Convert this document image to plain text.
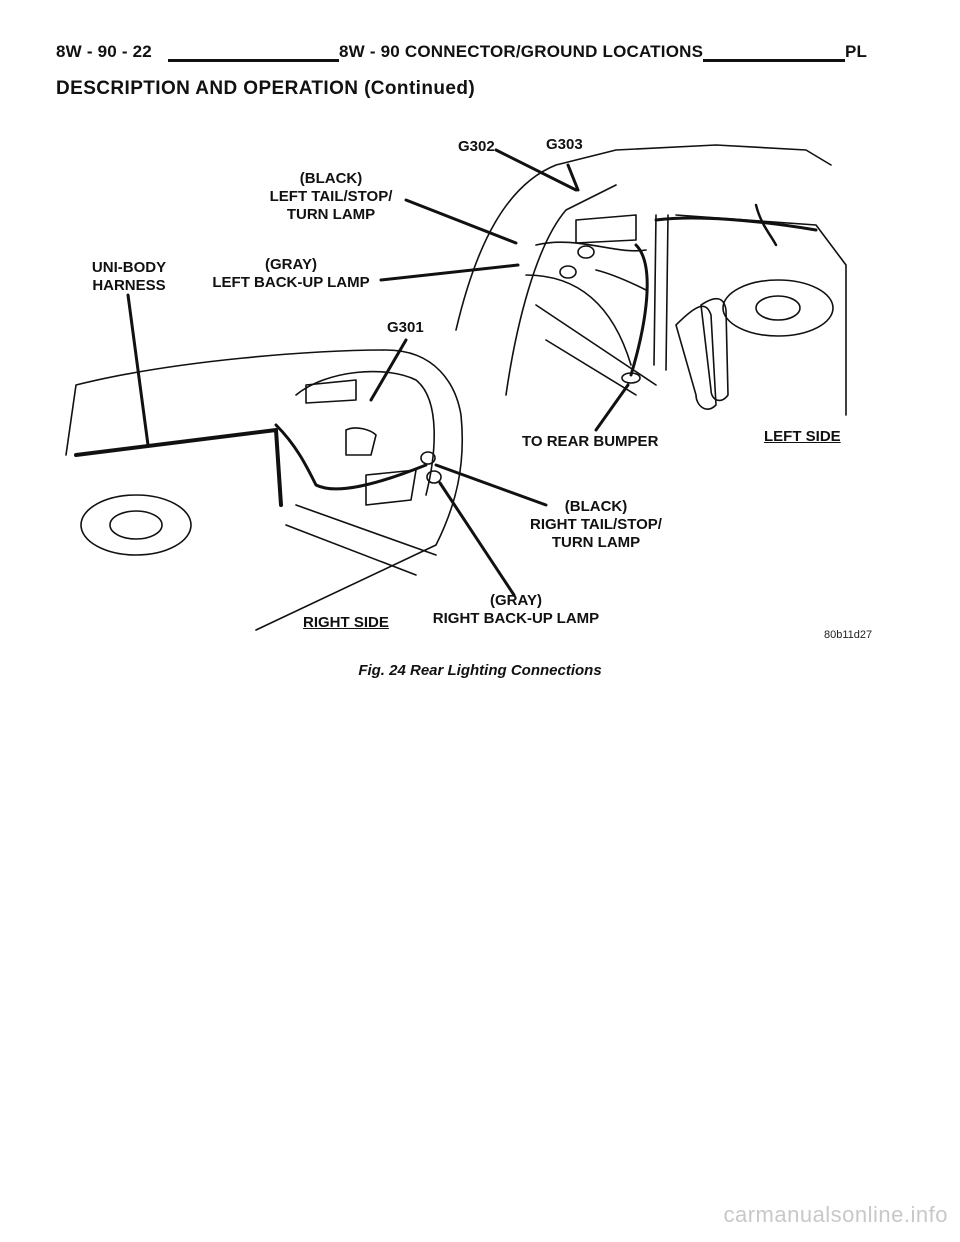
8W - 90 - 22	8W - 90 CONNECTOR/GROUND LOCATIONS	PL
DESCRIPTION AND OPERATION (Continued)
G302	G303
(BLACK)
LEFT TAIL/STOP/
TURN LAMP
(GRAY)
LEFT BACK-UP LAMP
UNI-BODY
HARNESS
G301
TO REAR BUMPER	LEFT SIDE
(BLACK)
RIGHT TAIL/STOP/
TURN LAMP
(GRAY)
RIGHT BACK-UP LAMP
RIGHT SIDE
80b11d27
Fig. 24 Rear Lighting Connections
carmanualsonline.info
